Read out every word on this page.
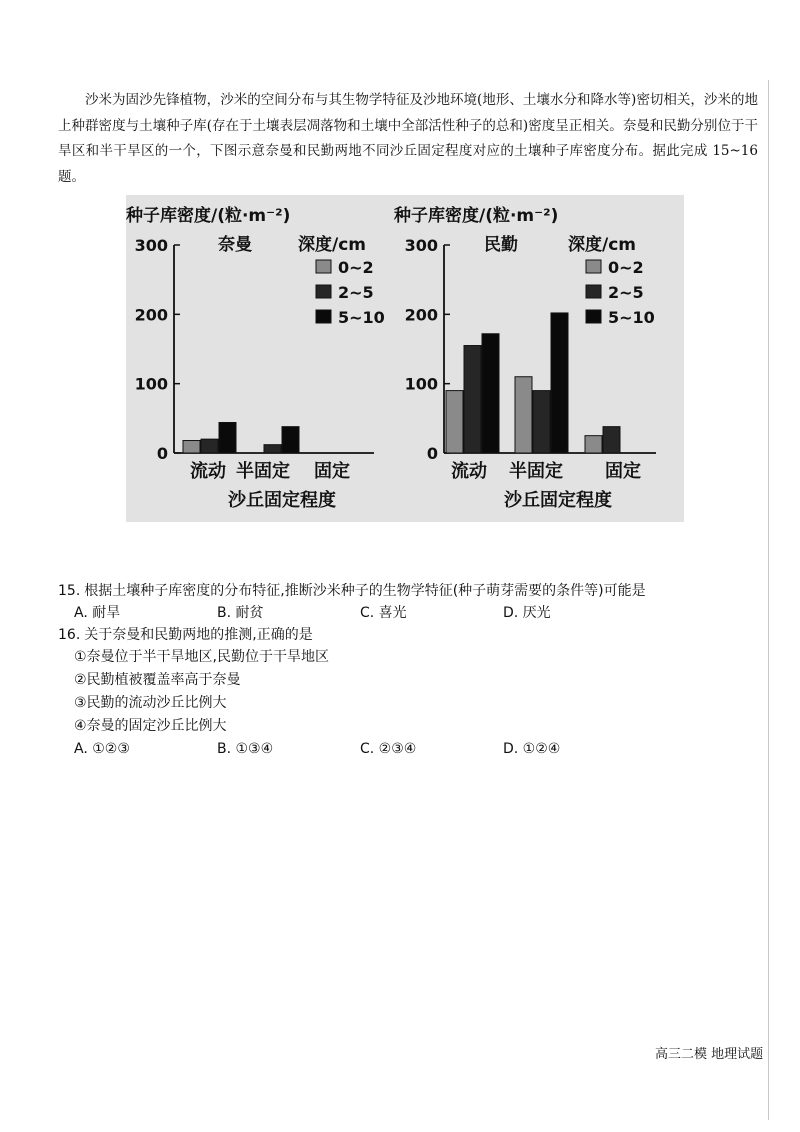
沙米为固沙先锋植物，沙米的空间分布与其生物学特征及沙地环境(地形、土壤水分和降水等)密切相关，沙米的地上种群密度与土壤种子库(存在于土壤表层凋落物和土壤中全部活性种子的总和)密度呈正相关。奈曼和民勤分别位于干旱区和半干旱区的一个，下图示意奈曼和民勤两地不同沙丘固定程度对应的土壤种子库密度分布。据此完成 15~16 题。

种子库密度/(粒·m⁻²)
奈曼	深度/cm
0
100
200
300
0~2
2~5
5~10
流动 半固定 固定
沙丘固定程度
种子库密度/(粒·m⁻²)
民勤	深度/cm
0
100
200
300
0~2
2~5
5~10
流动 半固定 固定
沙丘固定程度
15. 根据土壤种子库密度的分布特征,推断沙米种子的生物学特征(种子萌芽需要的条件等)可能是
A. 耐旱	B. 耐贫	C. 喜光	D. 厌光
16. 关于奈曼和民勤两地的推测,正确的是
①奈曼位于半干旱地区,民勤位于干旱地区
②民勤植被覆盖率高于奈曼
③民勤的流动沙丘比例大
④奈曼的固定沙丘比例大
A. ①②③	B. ①③④	C. ②③④	D. ①②④
高三二模 地理试题
